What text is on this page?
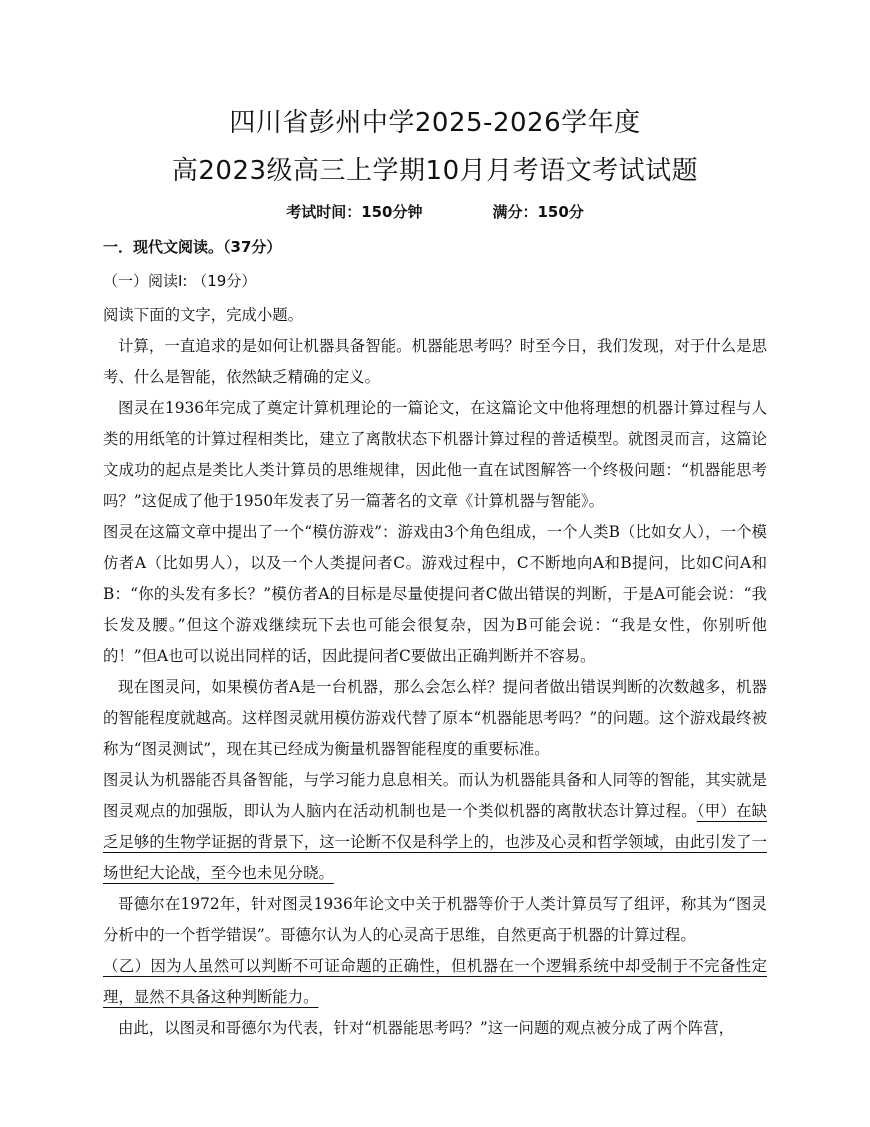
四川省彭州中学2025-2026学年度
高2023级高三上学期10月月考语文考试试题
考试时间：150分钟	满分：150分
一．现代文阅读。（37分）
（一）阅读I: （19分）

阅读下面的文字，完成小题。

计算，一直追求的是如何让机器具备智能。机器能思考吗？时至今日，我们发现，对于什么是思考、什么是智能，依然缺乏精确的定义。

图灵在1936年完成了奠定计算机理论的一篇论文，在这篇论文中他将理想的机器计算过程与人类的用纸笔的计算过程相类比，建立了离散状态下机器计算过程的普适模型。就图灵而言，这篇论文成功的起点是类比人类计算员的思维规律，因此他一直在试图解答一个终极问题：“机器能思考吗？”这促成了他于1950年发表了另一篇著名的文章《计算机器与智能》。

图灵在这篇文章中提出了一个“模仿游戏”：游戏由3个角色组成，一个人类B（比如女人），一个模仿者A（比如男人），以及一个人类提问者C。游戏过程中，C不断地向A和B提问，比如C问A和B：“你的头发有多长？”模仿者A的目标是尽量使提问者C做出错误的判断，于是A可能会说：“我长发及腰。”但这个游戏继续玩下去也可能会很复杂，因为B可能会说：“我是女性，你别听他的！”但A也可以说出同样的话，因此提问者C要做出正确判断并不容易。

现在图灵问，如果模仿者A是一台机器，那么会怎么样？提问者做出错误判断的次数越多，机器的智能程度就越高。这样图灵就用模仿游戏代替了原本“机器能思考吗？”的问题。这个游戏最终被称为“图灵测试”，现在其已经成为衡量机器智能程度的重要标准。

图灵认为机器能否具备智能，与学习能力息息相关。而认为机器能具备和人同等的智能，其实就是图灵观点的加强版，即认为人脑内在活动机制也是一个类似机器的离散状态计算过程。（甲）在缺乏足够的生物学证据的背景下，这一论断不仅是科学上的，也涉及心灵和哲学领域，由此引发了一场世纪大论战，至今也未见分晓。

哥德尔在1972年，针对图灵1936年论文中关于机器等价于人类计算员写了组评，称其为“图灵分析中的一个哲学错误”。哥德尔认为人的心灵高于思维，自然更高于机器的计算过程。

（乙）因为人虽然可以判断不可证命题的正确性，但机器在一个逻辑系统中却受制于不完备性定理，显然不具备这种判断能力。

由此，以图灵和哥德尔为代表，针对“机器能思考吗？”这一问题的观点被分成了两个阵营，
